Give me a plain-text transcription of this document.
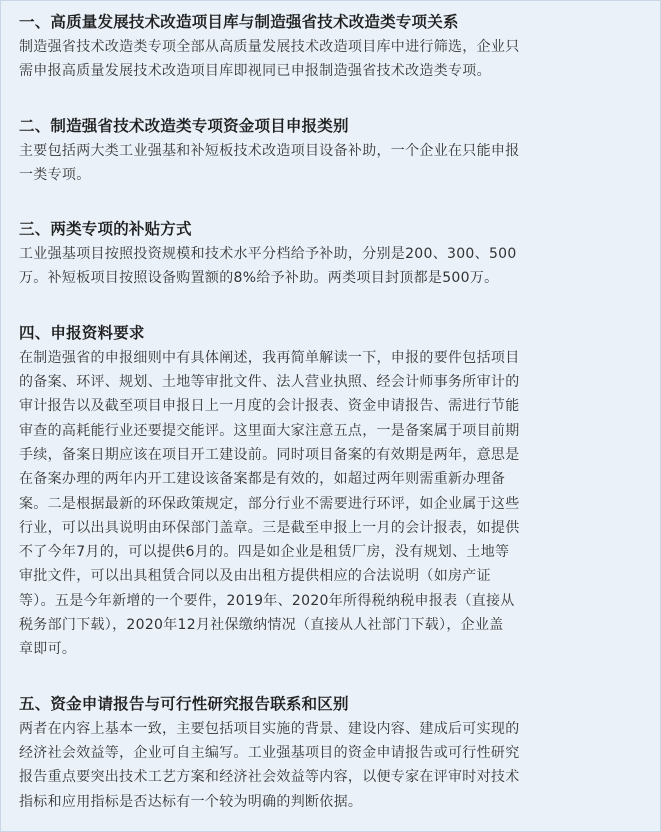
一、高质量发展技术改造项目库与制造强省技术改造类专项关系

制造强省技术改造类专项全部从高质量发展技术改造项目库中进行筛选，企业只
需申报高质量发展技术改造项目库即视同已申报制造强省技术改造类专项。

二、制造强省技术改造类专项资金项目申报类别

主要包括两大类工业强基和补短板技术改造项目设备补助，一个企业在只能申报
一类专项。

三、两类专项的补贴方式

工业强基项目按照投资规模和技术水平分档给予补助，分别是200、300、500
万。补短板项目按照设备购置额的8%给予补助。两类项目封顶都是500万。

四、申报资料要求

在制造强省的申报细则中有具体阐述，我再简单解读一下，申报的要件包括项目
的备案、环评、规划、土地等审批文件、法人营业执照、经会计师事务所审计的
审计报告以及截至项目申报日上一月度的会计报表、资金申请报告、需进行节能
审查的高耗能行业还要提交能评。这里面大家注意五点，一是备案属于项目前期
手续，备案日期应该在项目开工建设前。同时项目备案的有效期是两年，意思是
在备案办理的两年内开工建设该备案都是有效的，如超过两年则需重新办理备
案。二是根据最新的环保政策规定，部分行业不需要进行环评，如企业属于这些
行业，可以出具说明由环保部门盖章。三是截至申报上一月的会计报表，如提供
不了今年7月的，可以提供6月的。四是如企业是租赁厂房，没有规划、土地等
审批文件，可以出具租赁合同以及由出租方提供相应的合法说明（如房产证
等）。五是今年新增的一个要件，2019年、2020年所得税纳税申报表（直接从
税务部门下载），2020年12月社保缴纳情况（直接从人社部门下载），企业盖
章即可。

五、资金申请报告与可行性研究报告联系和区别

两者在内容上基本一致，主要包括项目实施的背景、建设内容、建成后可实现的
经济社会效益等，企业可自主编写。工业强基项目的资金申请报告或可行性研究
报告重点要突出技术工艺方案和经济社会效益等内容，以便专家在评审时对技术
指标和应用指标是否达标有一个较为明确的判断依据。
